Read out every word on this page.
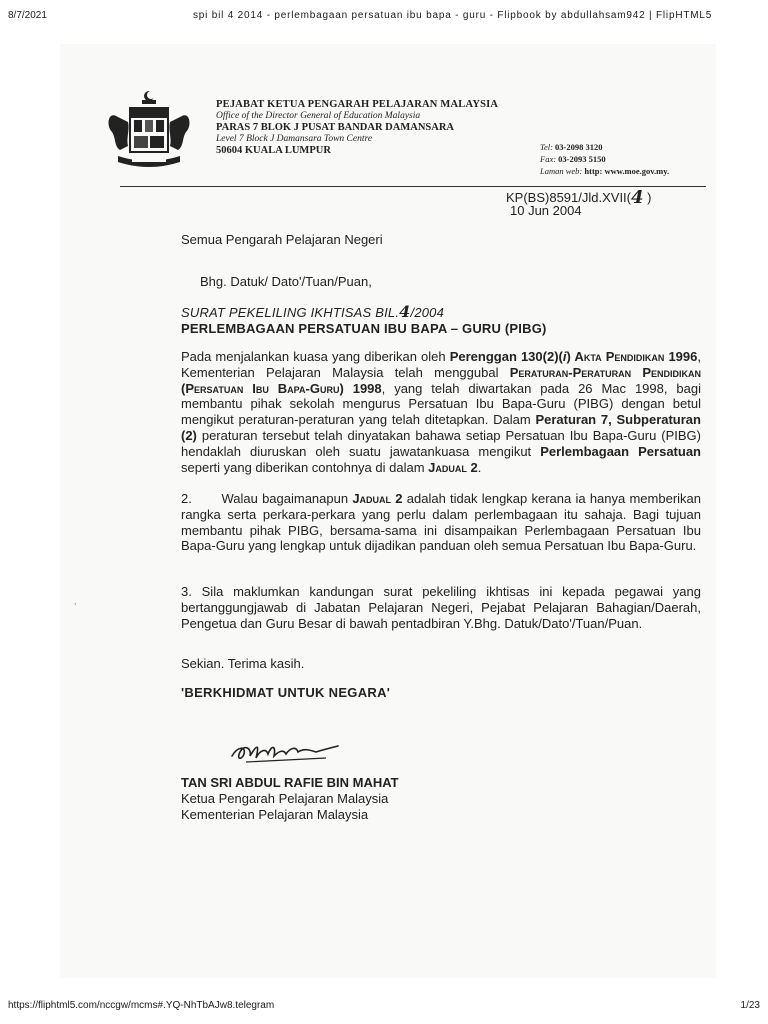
8/7/2021	spi bil 4 2014 - perlembagaan persatuan ibu bapa - guru - Flipbook by abdullahsam942 | FlipHTML5
PEJABAT KETUA PENGARAH PELAJARAN MALAYSIA
Office of the Director General of Education Malaysia
PARAS 7 BLOK J PUSAT BANDAR DAMANSARA
Level 7 Block J Damansara Town Centre
50604 KUALA LUMPUR	Tel: 03-2098 3120
Fax: 03-2093 5150
Laman web: http: www.moe.gov.my.
KP(BS)8591/Jld.XVII(4 )
10 Jun 2004
Semua Pengarah Pelajaran Negeri
Bhg. Datuk/ Dato'/Tuan/Puan,
SURAT PEKELILING IKHTISAS BIL.4/2004
PERLEMBAGAAN PERSATUAN IBU BAPA – GURU (PIBG)
Pada menjalankan kuasa yang diberikan oleh Perenggan 130(2)(i) Akta Pendidikan 1996, Kementerian Pelajaran Malaysia telah menggubal Peraturan-Peraturan Pendidikan (Persatuan Ibu Bapa-Guru) 1998, yang telah diwartakan pada 26 Mac 1998, bagi membantu pihak sekolah mengurus Persatuan Ibu Bapa-Guru (PIBG) dengan betul mengikut peraturan-peraturan yang telah ditetapkan. Dalam Peraturan 7, Subperaturan (2) peraturan tersebut telah dinyatakan bahawa setiap Persatuan Ibu Bapa-Guru (PIBG) hendaklah diuruskan oleh suatu jawatankuasa mengikut Perlembagaan Persatuan seperti yang diberikan contohnya di dalam Jadual 2.
2.       Walau bagaimanapun Jadual 2 adalah tidak lengkap kerana ia hanya memberikan rangka serta perkara-perkara yang perlu dalam perlembagaan itu sahaja. Bagi tujuan membantu pihak PIBG, bersama-sama ini disampaikan Perlembagaan Persatuan Ibu Bapa-Guru yang lengkap untuk dijadikan panduan oleh semua Persatuan Ibu Bapa-Guru.
3. Sila maklumkan kandungan surat pekeliling ikhtisas ini kepada pegawai yang bertanggungjawab di Jabatan Pelajaran Negeri, Pejabat Pelajaran Bahagian/Daerah, Pengetua dan Guru Besar di bawah pentadbiran Y.Bhg. Datuk/Dato'/Tuan/Puan.
Sekian. Terima kasih.
'BERKHIDMAT UNTUK NEGARA'
TAN SRI ABDUL RAFIE BIN MAHAT
Ketua Pengarah Pelajaran Malaysia
Kementerian Pelajaran Malaysia
,
https://fliphtml5.com/nccgw/mcms#.YQ-NhTbAJw8.telegram	1/23
